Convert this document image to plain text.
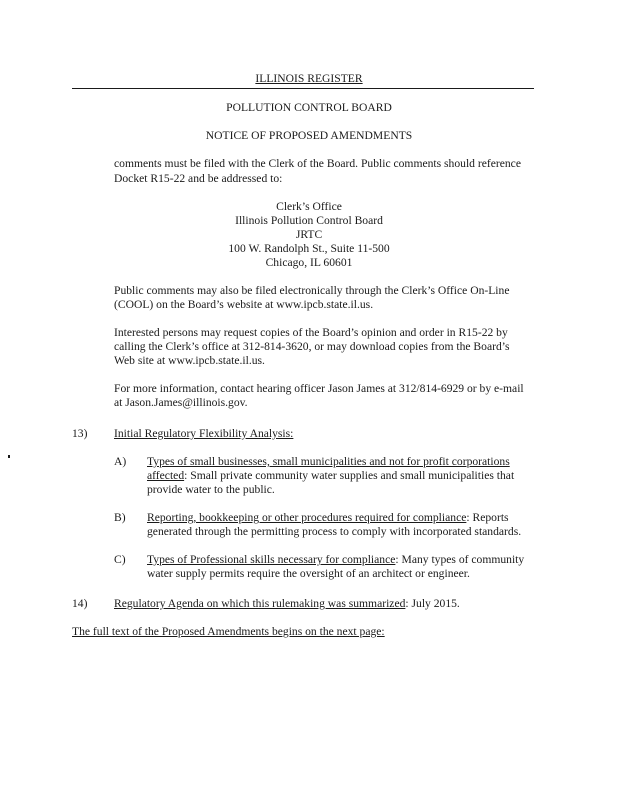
ILLINOIS REGISTER
POLLUTION CONTROL BOARD
NOTICE OF PROPOSED AMENDMENTS
comments must be filed with the Clerk of the Board. Public comments should reference
Docket R15-22 and be addressed to:
Clerk’s Office
Illinois Pollution Control Board
JRTC
100 W. Randolph St., Suite 11-500
Chicago, IL 60601
Public comments may also be filed electronically through the Clerk’s Office On-Line
(COOL) on the Board’s website at www.ipcb.state.il.us.
Interested persons may request copies of the Board’s opinion and order in R15-22 by
calling the Clerk’s office at 312-814-3620, or may download copies from the Board’s
Web site at www.ipcb.state.il.us.
For more information, contact hearing officer Jason James at 312/814-6929 or by e-mail
at Jason.James@illinois.gov.
13) Initial Regulatory Flexibility Analysis:
A) Types of small businesses, small municipalities and not for profit corporations
affected: Small private community water supplies and small municipalities that
provide water to the public.
B) Reporting, bookkeeping or other procedures required for compliance: Reports
generated through the permitting process to comply with incorporated standards.
C) Types of Professional skills necessary for compliance: Many types of community
water supply permits require the oversight of an architect or engineer.
14) Regulatory Agenda on which this rulemaking was summarized: July 2015.
The full text of the Proposed Amendments begins on the next page:
